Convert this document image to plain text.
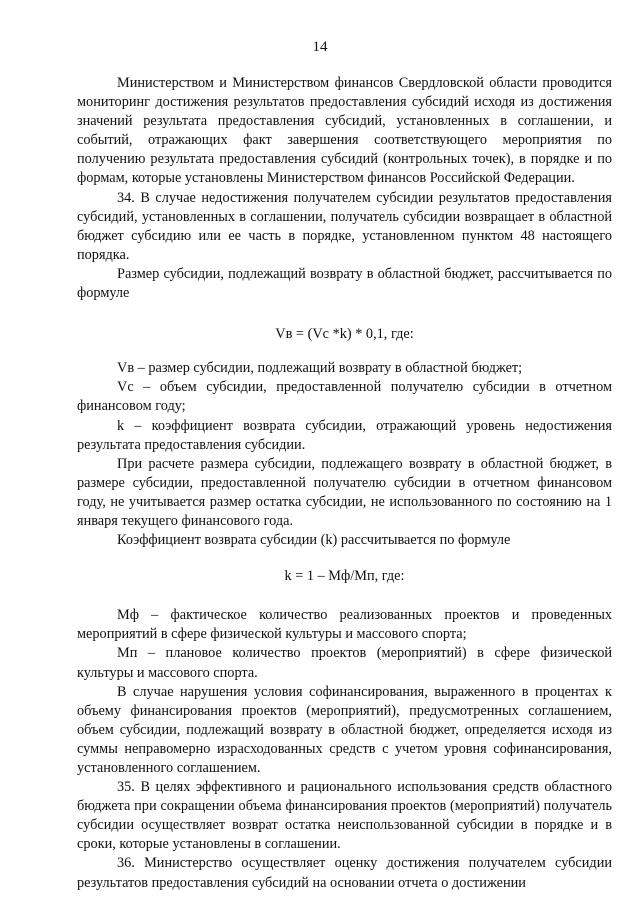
14

Министерством и Министерством финансов Свердловской области проводится мониторинг достижения результатов предоставления субсидий исходя из достижения значений результата предоставления субсидий, установленных в соглашении, и событий, отражающих факт завершения соответствующего мероприятия по получению результата предоставления субсидий (контрольных точек), в порядке и по формам, которые установлены Министерством финансов Российской Федерации.

34. В случае недостижения получателем субсидии результатов предоставления субсидий, установленных в соглашении, получатель субсидии возвращает в областной бюджет субсидию или ее часть в порядке, установленном пунктом 48 настоящего порядка.

Размер субсидии, подлежащий возврату в областной бюджет, рассчитывается по формуле

Vв = (Vс *k) * 0,1, где:

Vв – размер субсидии, подлежащий возврату в областной бюджет;

Vс – объем субсидии, предоставленной получателю субсидии в отчетном финансовом году;

k – коэффициент возврата субсидии, отражающий уровень недостижения результата предоставления субсидии.

При расчете размера субсидии, подлежащего возврату в областной бюджет, в размере субсидии, предоставленной получателю субсидии в отчетном финансовом году, не учитывается размер остатка субсидии, не использованного по состоянию на 1 января текущего финансового года.

Коэффициент возврата субсидии (k) рассчитывается по формуле

k = 1 – Мф/Мп, где:

Мф – фактическое количество реализованных проектов и проведенных мероприятий в сфере физической культуры и массового спорта;

Мп – плановое количество проектов (мероприятий) в сфере физической культуры и массового спорта.

В случае нарушения условия софинансирования, выраженного в процентах к объему финансирования проектов (мероприятий), предусмотренных соглашением, объем субсидии, подлежащий возврату в областной бюджет, определяется исходя из суммы неправомерно израсходованных средств с учетом уровня софинансирования, установленного соглашением.

35. В целях эффективного и рационального использования средств областного бюджета при сокращении объема финансирования проектов (мероприятий) получатель субсидии осуществляет возврат остатка неиспользованной субсидии в порядке и в сроки, которые установлены в соглашении.

36. Министерство осуществляет оценку достижения получателем субсидии результатов предоставления субсидий на основании отчета о достижении
